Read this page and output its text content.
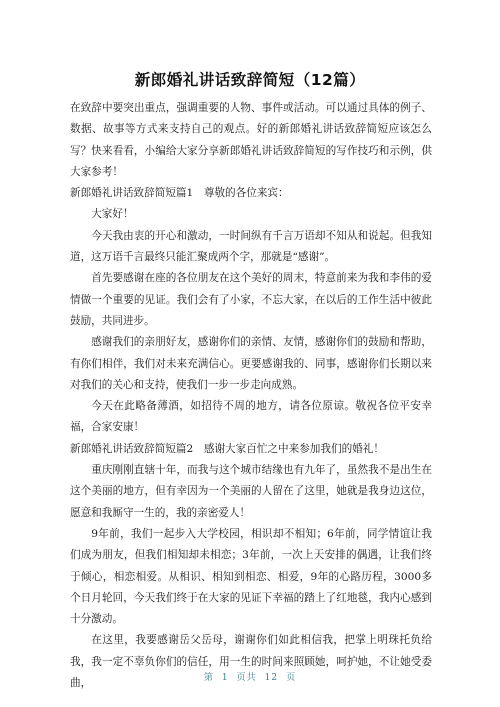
新郎婚礼讲话致辞简短（12篇）

在致辞中要突出重点，强调重要的人物、事件或活动。可以通过具体的例子、数据、故事等方式来支持自己的观点。好的新郎婚礼讲话致辞简短应该怎么写？快来看看，小编给大家分享新郎婚礼讲话致辞简短的写作技巧和示例，供大家参考！

新郎婚礼讲话致辞简短篇1　尊敬的各位来宾：

大家好！

今天我由衷的开心和激动，一时间纵有千言万语却不知从和说起。但我知道，这万语千言最终只能汇聚成两个字，那就是“感谢”。

首先要感谢在座的各位朋友在这个美好的周末，特意前来为我和李伟的爱情做一个重要的见证。我们会有了小家，不忘大家，在以后的工作生活中彼此鼓励，共同进步。

感谢我们的亲朋好友，感谢你们的亲情、友情，感谢你们的鼓励和帮助，有你们相伴，我们对未来充满信心。更要感谢我的、同事，感谢你们长期以来对我们的关心和支持，使我们一步一步走向成熟。

今天在此略备薄酒，如招待不周的地方，请各位原谅。敬祝各位平安幸福，合家安康！

新郎婚礼讲话致辞简短篇2　感谢大家百忙之中来参加我们的婚礼！

重庆刚刚直辖十年，而我与这个城市结缘也有九年了，虽然我不是出生在这个美丽的地方，但有幸因为一个美丽的人留在了这里，她就是我身边这位，愿意和我厮守一生的，我的亲密爱人！

9年前，我们一起步入大学校园，相识却不相知；6年前，同学情谊让我们成为朋友，但我们相知却未相恋；3年前，一次上天安排的偶遇，让我们终于倾心，相恋相爱。从相识、相知到相恋、相爱，9年的心路历程，3000多个日月轮回，今天我们终于在大家的见证下幸福的踏上了红地毯，我内心感到十分激动。

在这里，我要感谢岳父岳母，谢谢你们如此相信我，把掌上明珠托负给我，我一定不辜负你们的信任，用一生的时间来照顾她，呵护她，不让她受委曲，	第 1 页共 12 页
